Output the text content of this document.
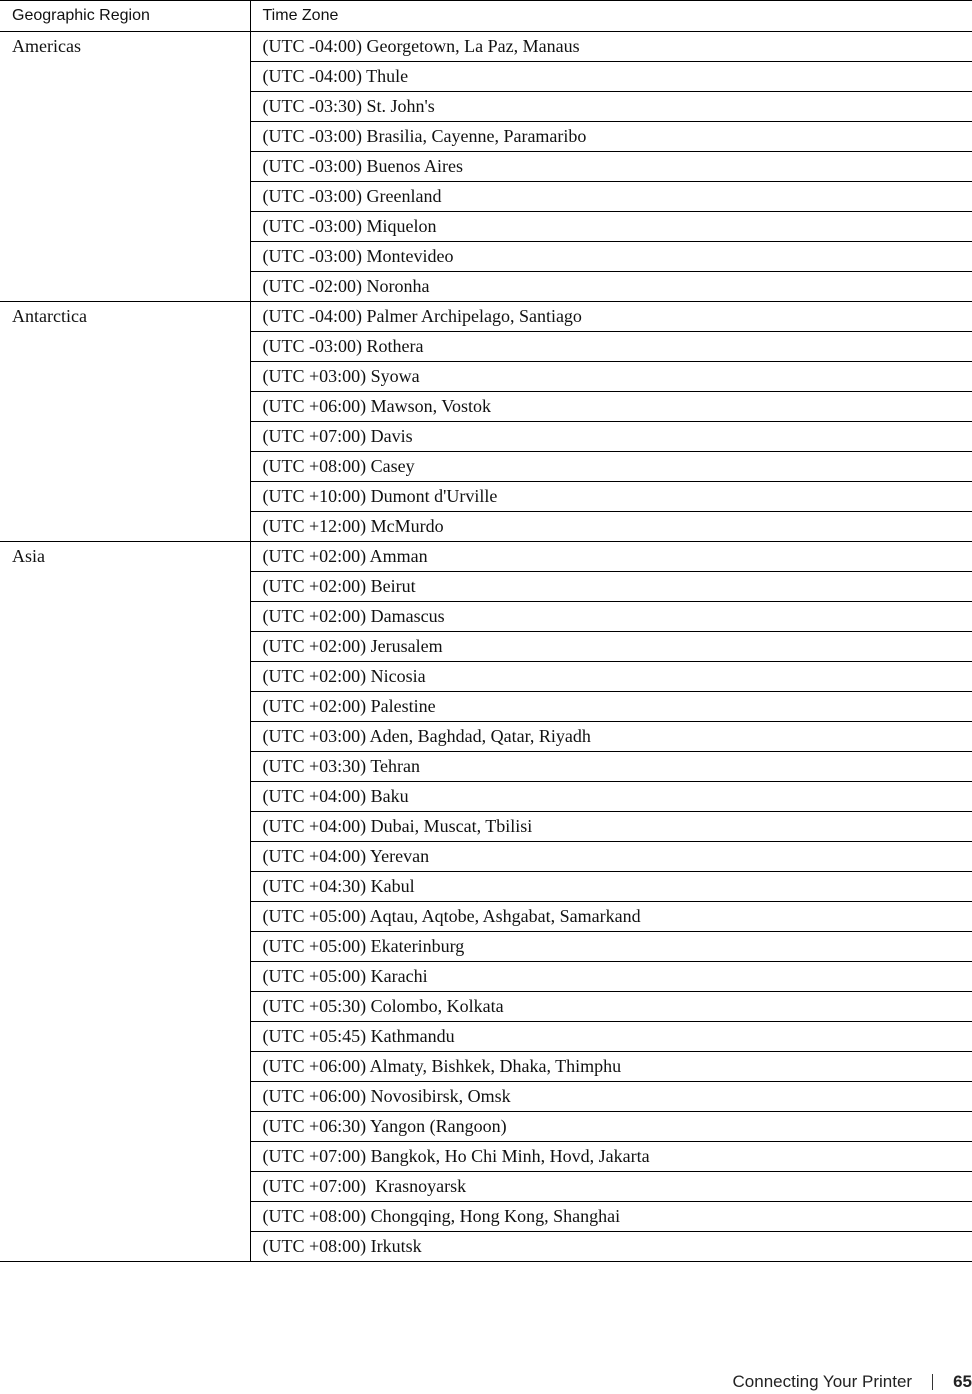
Geographic Region	Time Zone
Americas	(UTC -04:00) Georgetown, La Paz, Manaus
	(UTC -04:00) Thule
	(UTC -03:30) St. John's
	(UTC -03:00) Brasilia, Cayenne, Paramaribo
	(UTC -03:00) Buenos Aires
	(UTC -03:00) Greenland
	(UTC -03:00) Miquelon
	(UTC -03:00) Montevideo
	(UTC -02:00) Noronha
Antarctica	(UTC -04:00) Palmer Archipelago, Santiago
	(UTC -03:00) Rothera
	(UTC +03:00) Syowa
	(UTC +06:00) Mawson, Vostok
	(UTC +07:00) Davis
	(UTC +08:00) Casey
	(UTC +10:00) Dumont d'Urville
	(UTC +12:00) McMurdo
Asia	(UTC +02:00) Amman
	(UTC +02:00) Beirut
	(UTC +02:00) Damascus
	(UTC +02:00) Jerusalem
	(UTC +02:00) Nicosia
	(UTC +02:00) Palestine
	(UTC +03:00) Aden, Baghdad, Qatar, Riyadh
	(UTC +03:30) Tehran
	(UTC +04:00) Baku
	(UTC +04:00) Dubai, Muscat, Tbilisi
	(UTC +04:00) Yerevan
	(UTC +04:30) Kabul
	(UTC +05:00) Aqtau, Aqtobe, Ashgabat, Samarkand
	(UTC +05:00) Ekaterinburg
	(UTC +05:00) Karachi
	(UTC +05:30) Colombo, Kolkata
	(UTC +05:45) Kathmandu
	(UTC +06:00) Almaty, Bishkek, Dhaka, Thimphu
	(UTC +06:00) Novosibirsk, Omsk
	(UTC +06:30) Yangon (Rangoon)
	(UTC +07:00) Bangkok, Ho Chi Minh, Hovd, Jakarta
	(UTC +07:00)  Krasnoyarsk
	(UTC +08:00) Chongqing, Hong Kong, Shanghai
	(UTC +08:00) Irkutsk
Connecting Your Printer 65
